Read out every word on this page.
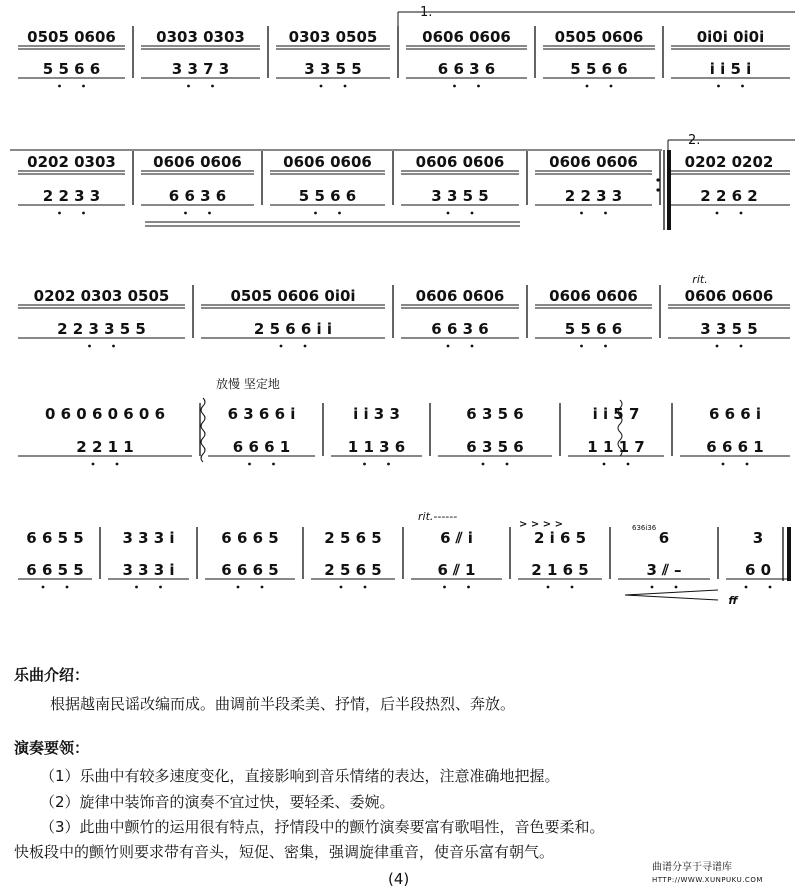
0505 0606
5 5 6 6
0303 0303
3 3 7 3
0303 0505
3 3 5 5
0606 0606
6 6 3 6
0505 0606
5 5 6 6
0i0i 0i0i
i i 5 i
0202 0303
2 2 3 3
0606 0606
6 6 3 6
0606 0606
5 5 6 6
0606 0606
3 3 5 5
0606 0606
2 2 3 3
0202 0202
2 2 6 2
0202 0303 0505
2 2 3 3 5 5
0505 0606 0i0i
2 5 6 6 i i
0606 0606
6 6 3 6
0606 0606
5 5 6 6
0606 0606
3 3 5 5
0 6 0 6 0 6 0 6
2 2 1 1
6 3 6 6 i
6 6 6 1
i i 3 3
1 1 3 6
6 3 5 6
6 3 5 6
i i 5 7
1 1 1 7
6 6 6 i
6 6 6 1
6 6 5 5
6 6 5 5
3 3 3 i
3 3 3 i
6 6 6 5
6 6 6 5
2 5 6 5
2 5 6 5
6 ⫽ i
6 ⫽ 1
2 i 6 5
2 1 6 5
6
3 ⫽ –
3
6 0
1.
2.
rit.
放慢 坚定地
rit.------
> > > >	636i36
ff
乐曲介绍：
根据越南民谣改编而成。曲调前半段柔美、抒情，后半段热烈、奔放。
演奏要领：
（1）乐曲中有较多速度变化，直接影响到音乐情绪的表达，注意准确地把握。
（2）旋律中装饰音的演奏不宜过快，要轻柔、委婉。
（3）此曲中颤竹的运用很有特点，抒情段中的颤竹演奏要富有歌唱性，音色要柔和。
快板段中的颤竹则要求带有音头，短促、密集，强调旋律重音，使音乐富有朝气。
(4)
曲谱分享于寻谱库
HTTP://WWW.XUNPUKU.COM
